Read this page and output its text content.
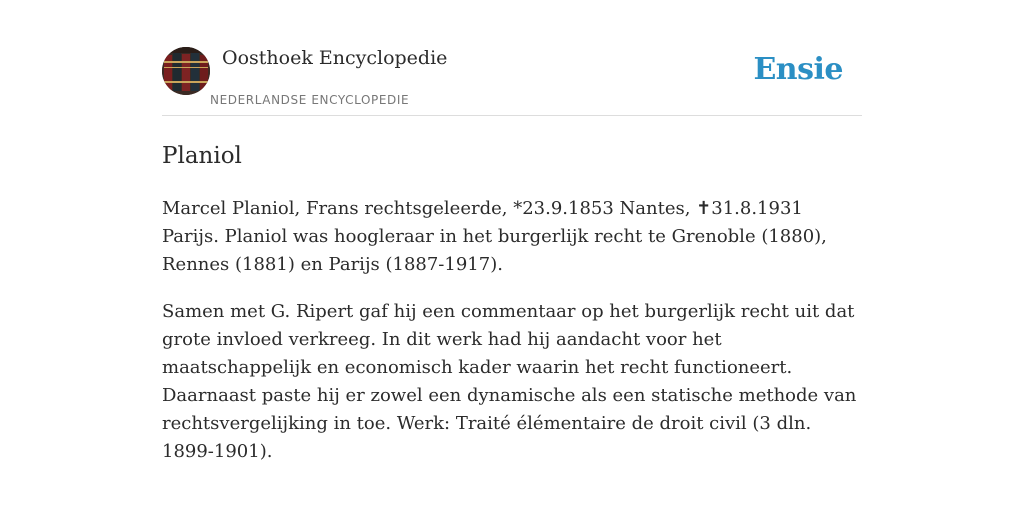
Oosthoek Encyclopedie
NEDERLANDSE ENCYCLOPEDIE
Ensie
Planiol

Marcel Planiol, Frans rechtsgeleerde, *23.9.1853 Nantes, ✝31.8.1931 Parijs. Planiol was hoogleraar in het burgerlijk recht te Grenoble (1880), Rennes (1881) en Parijs (1887-1917).

Samen met G. Ripert gaf hij een commentaar op het burgerlijk recht uit dat grote invloed verkreeg. In dit werk had hij aandacht voor het maatschappelijk en economisch kader waarin het recht functioneert. Daarnaast paste hij er zowel een dynamische als een statische methode van rechtsvergelijking in toe. Werk: Traité élémentaire de droit civil (3 dln. 1899-1901).
